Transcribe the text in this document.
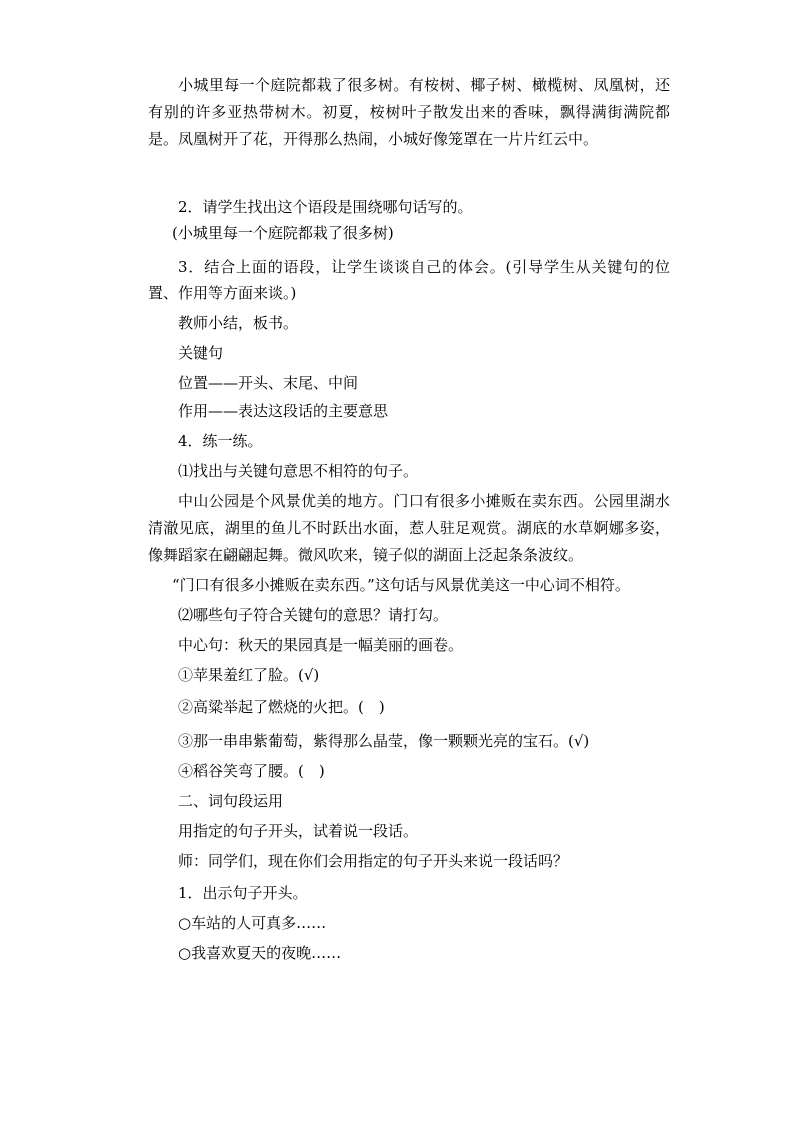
小城里每一个庭院都栽了很多树。有桉树、椰子树、橄榄树、凤凰树，还有别的许多亚热带树木。初夏，桉树叶子散发出来的香味，飘得满街满院都是。凤凰树开了花，开得那么热闹，小城好像笼罩在一片片红云中。

2．请学生找出这个语段是围绕哪句话写的。

(小城里每一个庭院都栽了很多树)

3．结合上面的语段，让学生谈谈自己的体会。(引导学生从关键句的位置、作用等方面来谈。)

教师小结，板书。

关键句

位置——开头、末尾、中间

作用——表达这段话的主要意思

4．练一练。

⑴找出与关键句意思不相符的句子。

中山公园是个风景优美的地方。门口有很多小摊贩在卖东西。公园里湖水清澈见底，湖里的鱼儿不时跃出水面，惹人驻足观赏。湖底的水草婀娜多姿，像舞蹈家在翩翩起舞。微风吹来，镜子似的湖面上泛起条条波纹。

“门口有很多小摊贩在卖东西。”这句话与风景优美这一中心词不相符。

⑵哪些句子符合关键句的意思？请打勾。

中心句：秋天的果园真是一幅美丽的画卷。

①苹果羞红了脸。(√)

②高粱举起了燃烧的火把。(　)

③那一串串紫葡萄，紫得那么晶莹，像一颗颗光亮的宝石。(√)

④稻谷笑弯了腰。(　)

二、词句段运用

用指定的句子开头，试着说一段话。

师：同学们，现在你们会用指定的句子开头来说一段话吗？

1．出示句子开头。

○车站的人可真多……

○我喜欢夏天的夜晚……
